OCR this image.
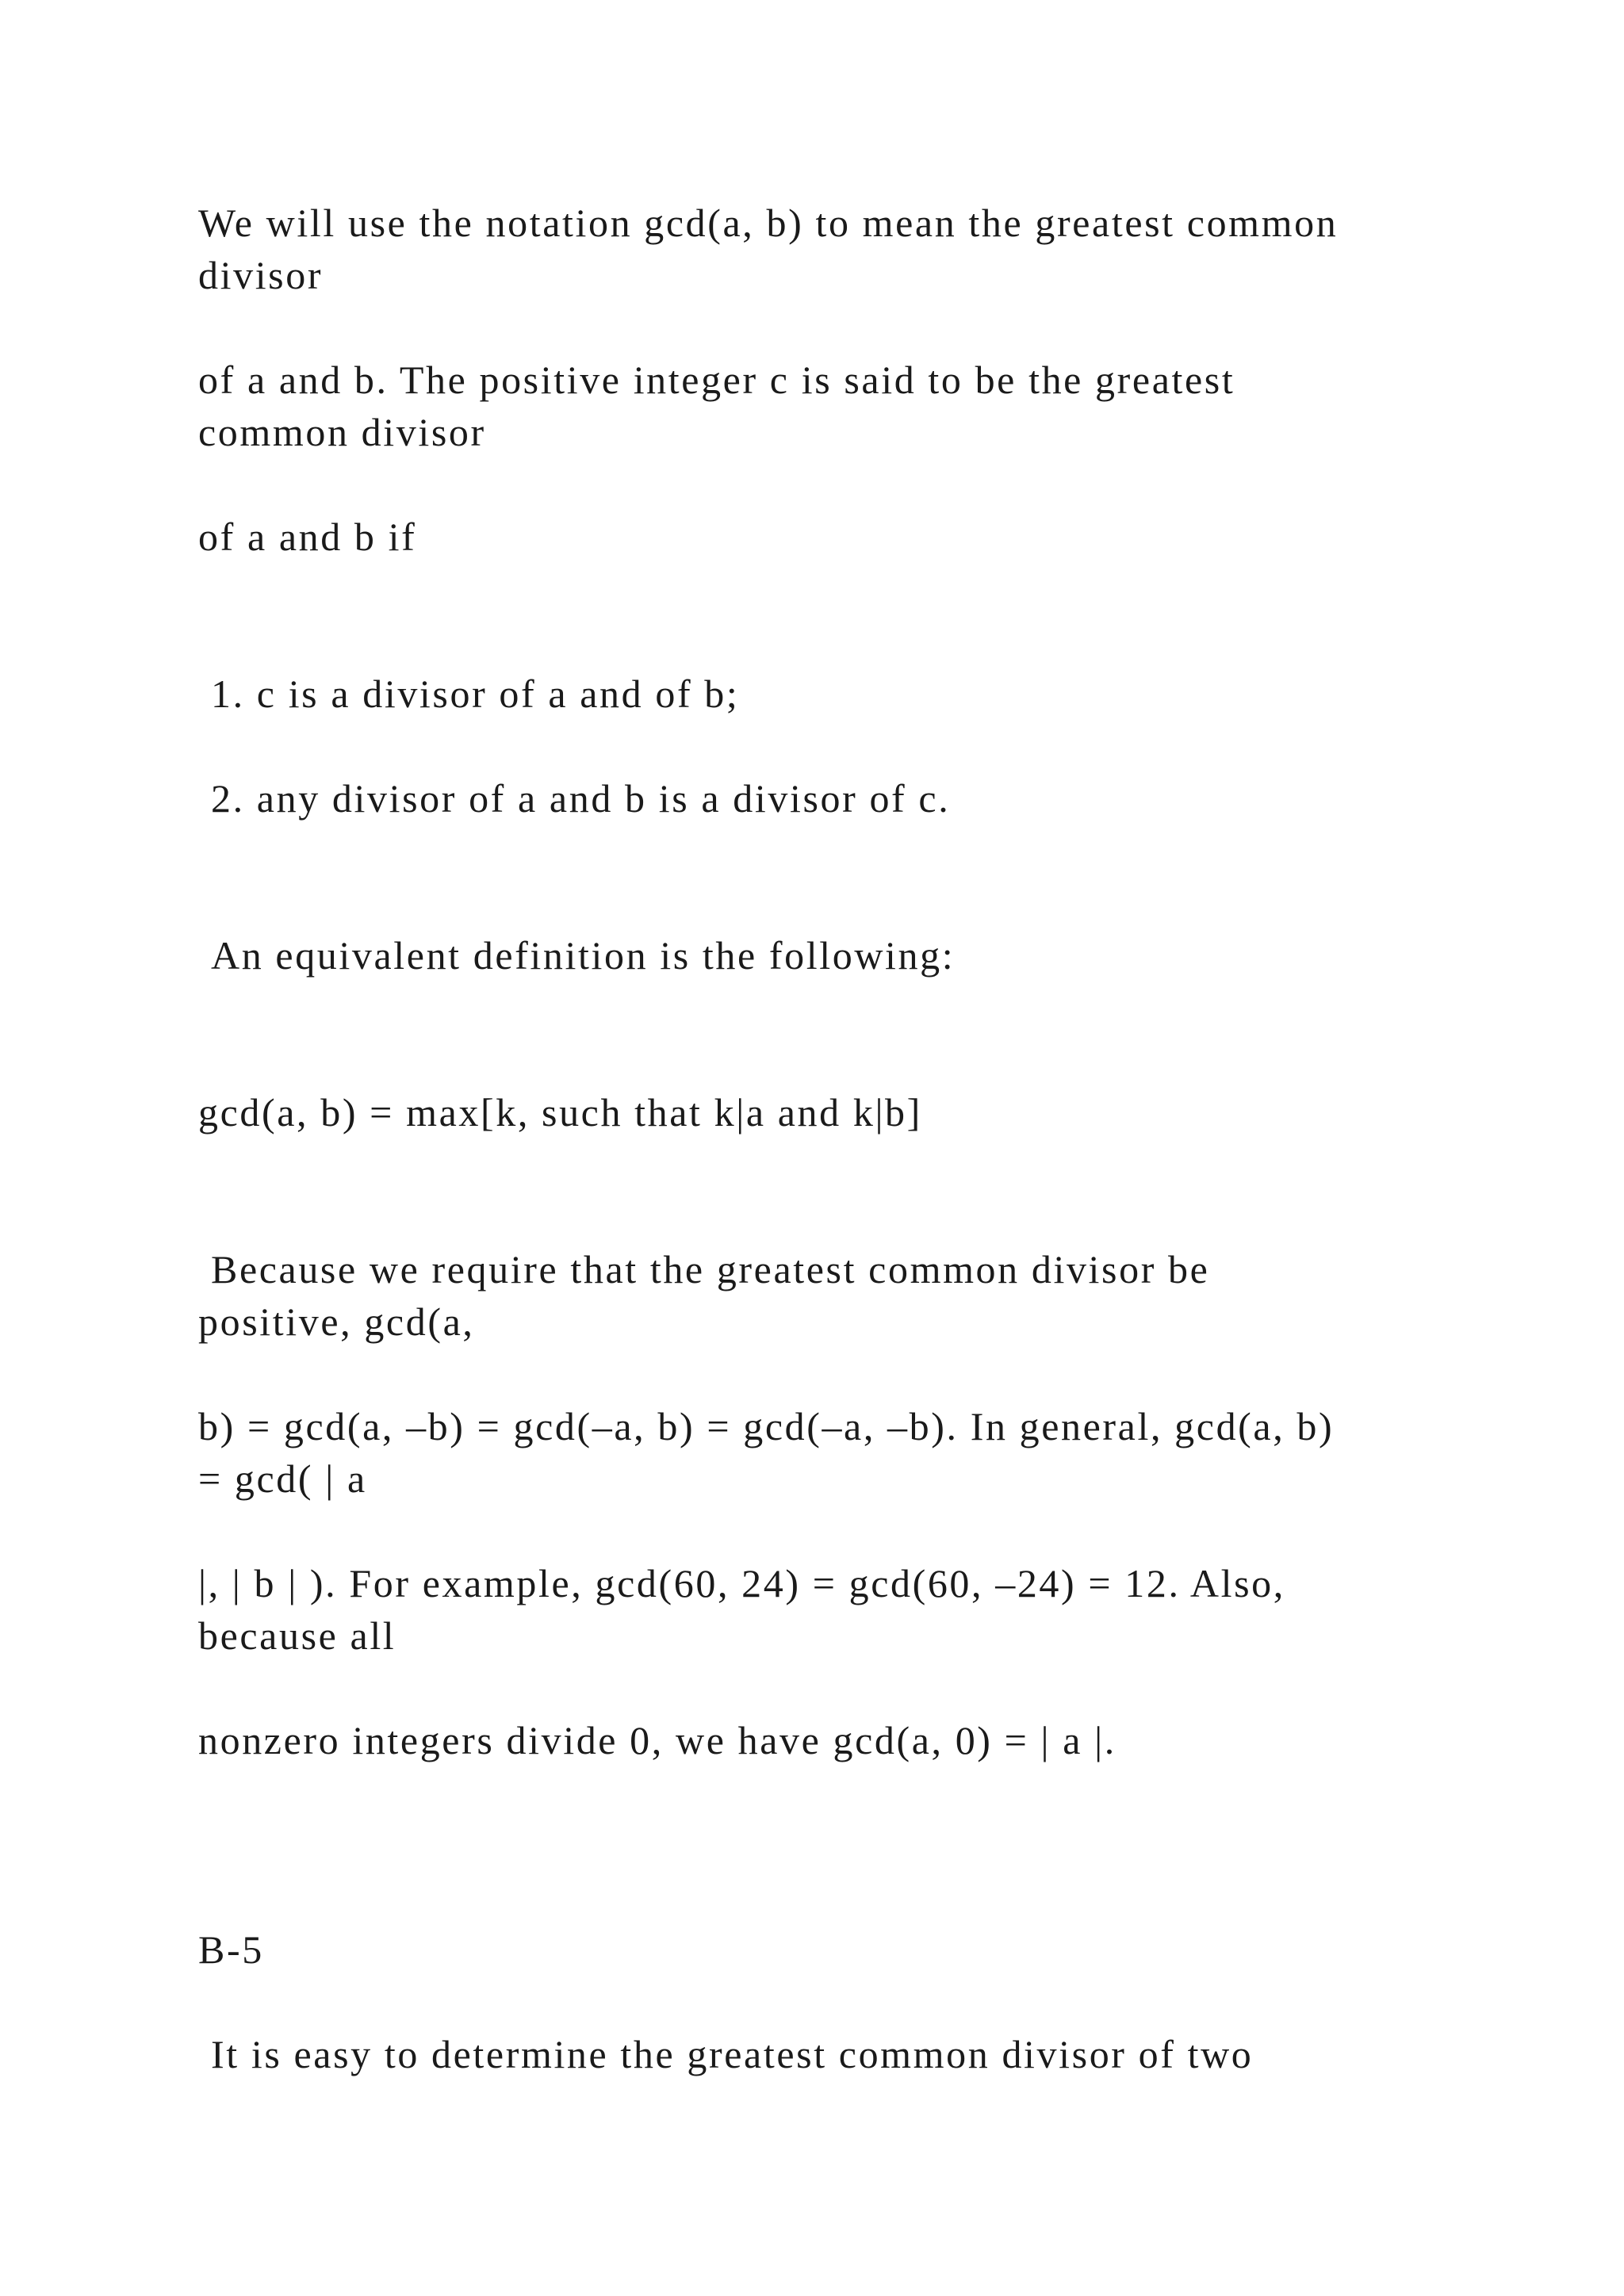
We will use the notation gcd(a, b) to mean the greatest common

divisor

of a and b. The positive integer c is said to be the greatest

common divisor

of a and b if

1. c is a divisor of a and of b;

2. any divisor of a and b is a divisor of c.

An equivalent definition is the following:

gcd(a, b) = max[k, such that k|a and k|b]

Because we require that the greatest common divisor be

positive, gcd(a,

b) = gcd(a, –b) = gcd(–a, b) = gcd(–a, –b). In general, gcd(a, b)

= gcd( | a

|, | b | ). For example, gcd(60, 24) = gcd(60, –24) = 12. Also,

because all

nonzero integers divide 0, we have gcd(a, 0) = | a |.

B-5

It is easy to determine the greatest common divisor of two
